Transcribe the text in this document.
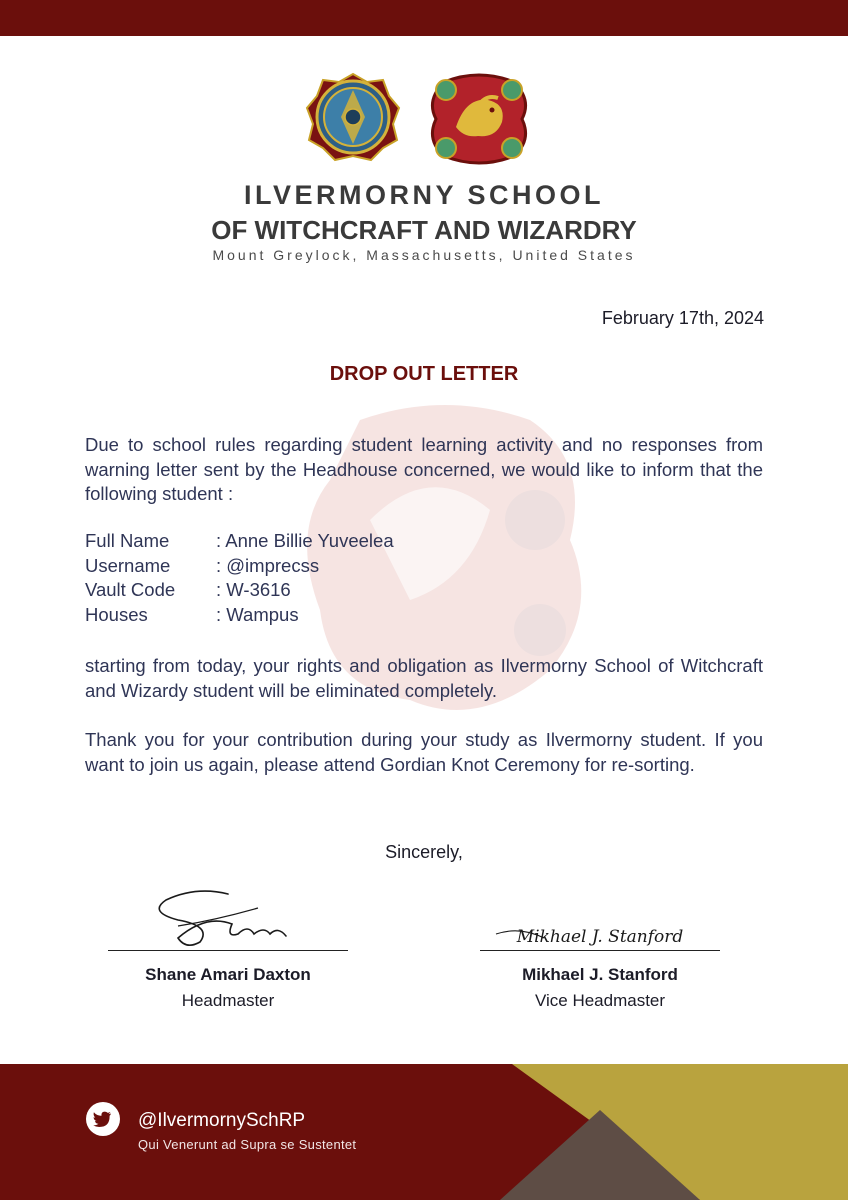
ILVERMORNY SCHOOL
OF WITCHCRAFT AND WIZARDRY
Mount Greylock, Massachusetts, United States
February 17th, 2024
DROP OUT LETTER
Due to school rules regarding student learning activity and no responses from warning letter sent by the Headhouse concerned, we would like to inform that the following student :
Full Name	: Anne Billie Yuveelea
Username : @imprecss
Vault Code : W-3616
Houses	: Wampus
starting from today, your rights and obligation as Ilvermorny School of Witchcraft and Wizardy student will be eliminated completely.
Thank you for your contribution during your study as Ilvermorny student. If you want to join us again, please attend Gordian Knot Ceremony for re-sorting.
Sincerely,
Shane Amari Daxton
Headmaster
Mikhael J. Stanford
Mikhael J. Stanford
Vice Headmaster
@IlvermornySchRP
Qui Venerunt ad Supra se Sustentet
